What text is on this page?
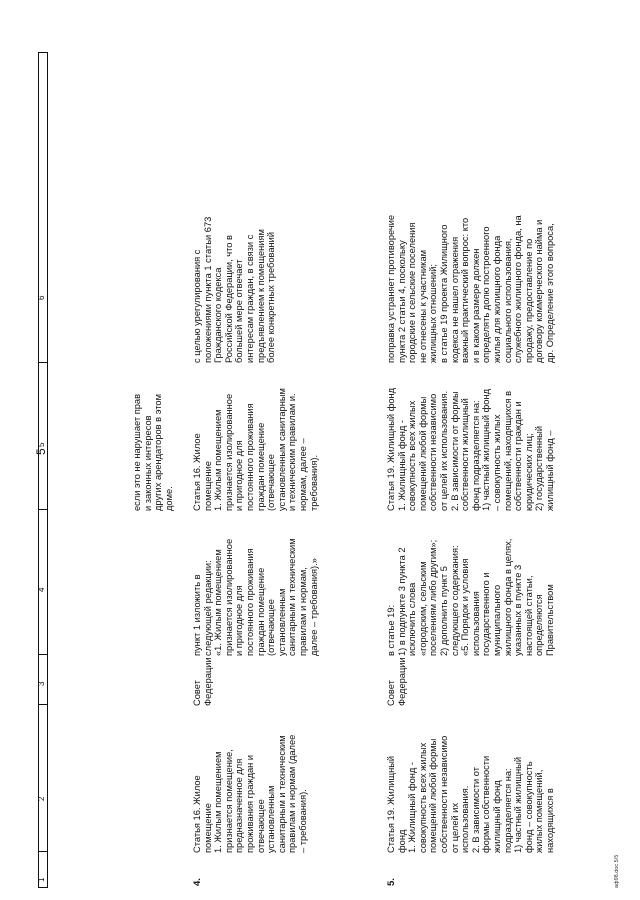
5
1
2
3
4
5
6
4.
Статья 16. Жилое
помещение
1. Жилым помещением
признается помещение,
предназначенное для
проживания граждан и
отвечающее
установленным
санитарным и техническим
правилам и нормам (далее
– требования).
Совет
Федерации
пункт 1 изложить в
следующей редакции:
«1. Жилым помещением
признается изолированное
и пригодное для
постоянного проживания
граждан помещение
(отвечающее
установленным
санитарным и техническим
правилам и нормам,
далее – требования).»
если это не нарушает прав
и законных интересов
других арендаторов в этом
доме. Статья 16. Жилое
помещение
1. Жилым помещением
признается изолированное
и пригодное для
постоянного проживания
граждан помещение
(отвечающее
установленным санитарным
и техническим правилам и.
нормам, далее –
требования).
с целью урегулирования с
положениями пункта 1 статьи 673
Гражданского кодекса
Российской Федерации, что в
большей мере отвечает
интересам граждан, в связи с
предъявлением к помещениям
более конкретных требований
5.
Статья 19. Жилищный
фонд
1. Жилищный фонд -
совокупность всех жилых
помещений любой формы
собственности независимо
от целей их
использования.
2. В зависимости от
формы собственности
жилищный фонд
подразделяется на:
1) частный жилищный
фонд – совокупность
жилых помещений,
находящихся в
Совет
Федерации
в статье 19:
1) в подпункте 3 пункта 2
исключить слова
«городским, сельским
поселениям либо другим»;
2) дополнить пункт 5
следующего содержания:
«5. Порядок и условия
использования
государственного и
муниципального
жилищного фонда в целях,
указанных в пункте 3
настоящей статьи,
определяются
Правительством
Статья 19. Жилищный фонд
1. Жилищный фонд -
совокупность всех жилых
помещений любой формы
собственности независимо
от целей их использования.
2. В зависимости от формы
собственности жилищный
фонд подразделяется на:
1) частный жилищный фонд
– совокупность жилых
помещений, находящихся в
собственности граждан и
юридических лиц;
2) государственный
жилищный фонд –
поправка устраняет противоречие
пункта 2 статьи 4, поскольку
городские и сельские поселения
не отнесены к участникам
жилищных отношений;
в статье 19 проекта Жилищного
кодекса не нашел отражения
важный практический вопрос: кто
и в каком размере должен
определять долю построенного
жилья для жилищного фонда
социального использования,
служебного жилищного фонда, на
продажу, предоставление по
договору коммерческого найма и
др. Определение этого вопроса,
аф98.doc 5/5
